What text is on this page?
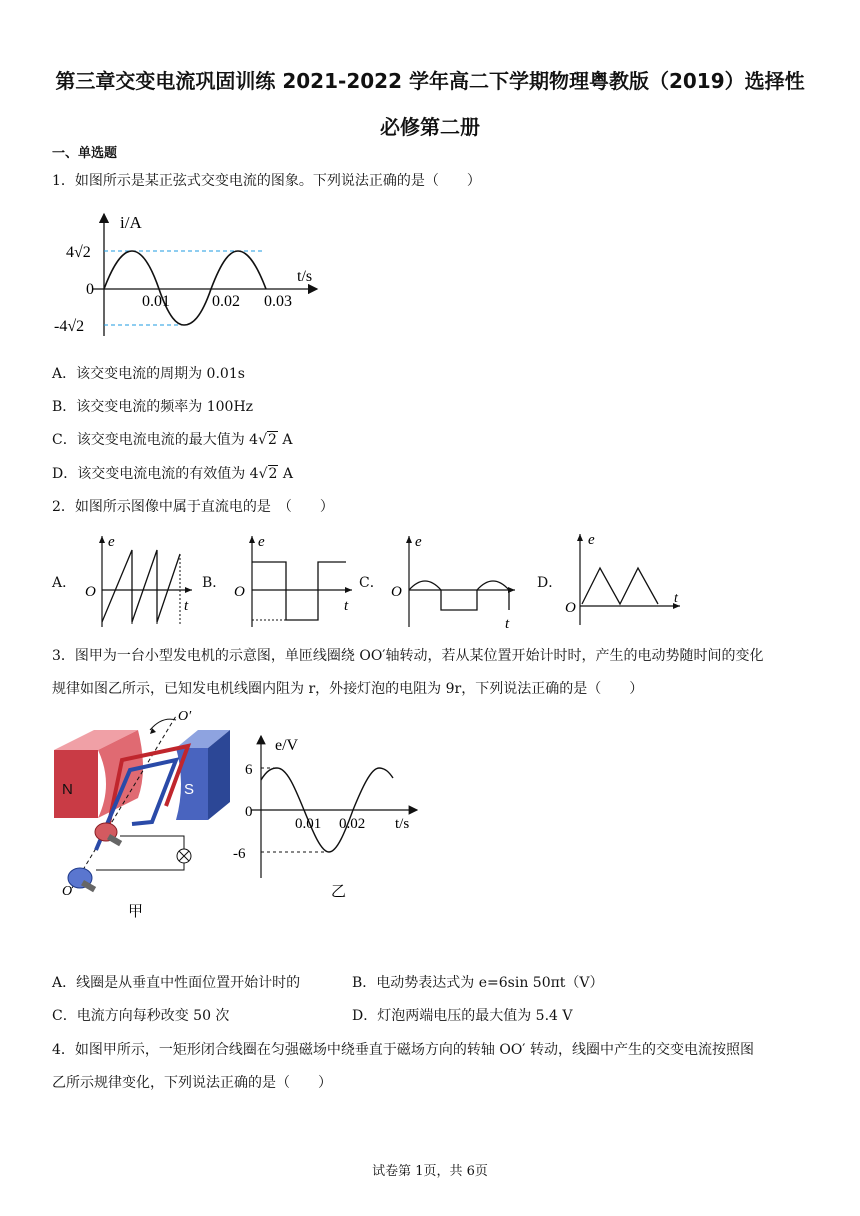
第三章交变电流巩固训练 2021-2022 学年高二下学期物理粤教版（2019）选择性
必修第二册
一、单选题
1．如图所示是某正弦式交变电流的图象。下列说法正确的是（　　）
i/A
t/s
4√2
-4√2
0
0.01	0.02 0.03
A．该交变电流的周期为 0.01s
B．该交变电流的频率为 100Hz
C．该交变电流电流的最大值为 4√2 A
D．该交变电流电流的有效值为 4√2 A
2．如图所示图像中属于直流电的是　（　　）
A．
e
O
t
B．
e
O
t
C．
e
O
t
D．
e
O
t
3．图甲为一台小型发电机的示意图，单匝线圈绕 OO′轴转动，若从某位置开始计时时，产生的电动势随时间的变化
规律如图乙所示，已知发电机线圈内阻为 r，外接灯泡的电阻为 9r，下列说法正确的是（　　）
N	S
O′
O
甲
e/V
6
-6
0
0.01 0.02 t/s
乙
A．线圈是从垂直中性面位置开始计时的	B．电动势表达式为 e=6sin 50πt（V）
C．电流方向每秒改变 50 次	D．灯泡两端电压的最大值为 5.4 V
4．如图甲所示，一矩形闭合线圈在匀强磁场中绕垂直于磁场方向的转轴 OO′ 转动，线圈中产生的交变电流按照图
乙所示规律变化，下列说法正确的是（　　）
试卷第 1页，共 6页
